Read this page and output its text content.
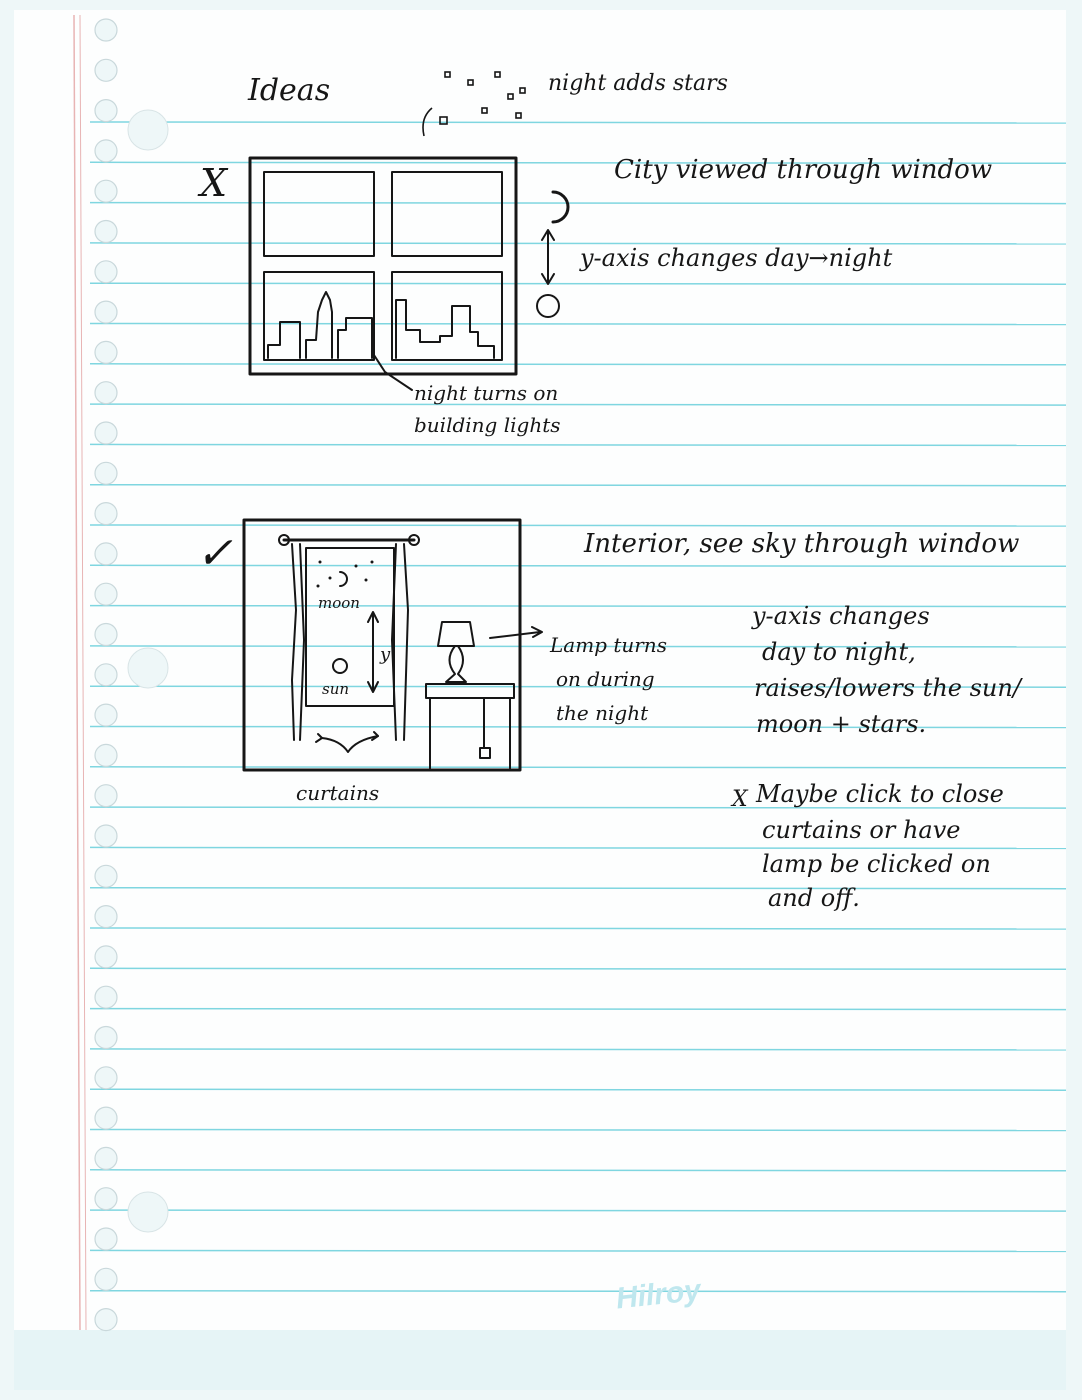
Ideas
X
night adds stars
City viewed through window
y-axis changes day→night
night turns on
building lights
✓
moon
sun
y
curtains
Lamp turns
on during
the night
Interior, see sky through window
y-axis changes
day to night,
raises/lowers the sun/
moon + stars.
X Maybe click to close
curtains or have
lamp be clicked on
and off.
Hilroy
